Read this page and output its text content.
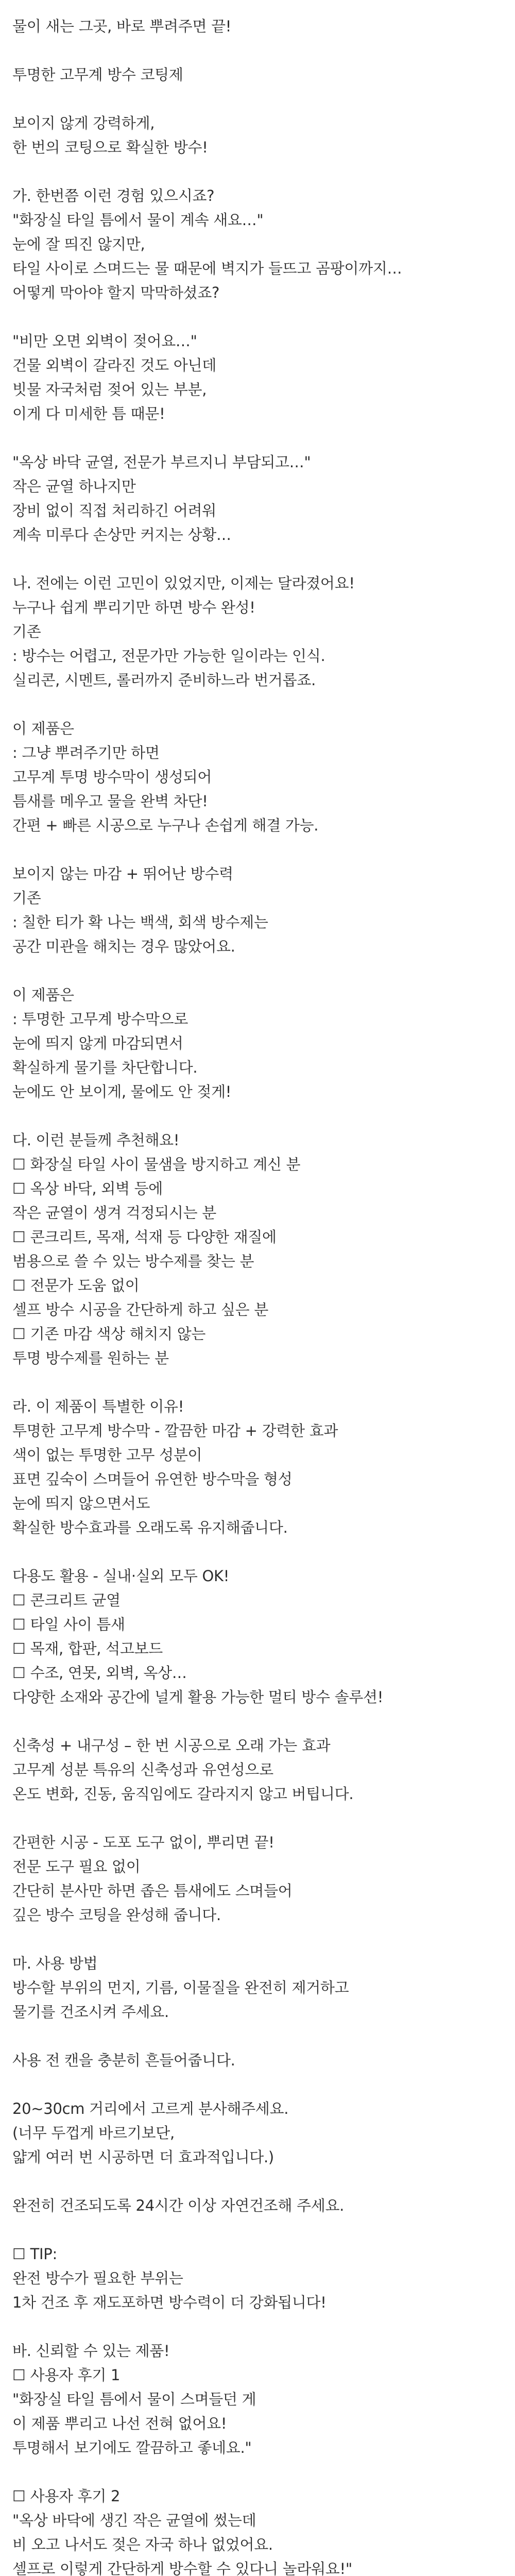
물이 새는 그곳, 바로 뿌려주면 끝!
투명한 고무계 방수 코팅제
보이지 않게 강력하게,
한 번의 코팅으로 확실한 방수!
가. 한번쯤 이런 경험 있으시죠?
"화장실 타일 틈에서 물이 계속 새요…"
눈에 잘 띄진 않지만,
타일 사이로 스며드는 물 때문에 벽지가 들뜨고 곰팡이까지…
어떻게 막아야 할지 막막하셨죠?
"비만 오면 외벽이 젖어요…"
건물 외벽이 갈라진 것도 아닌데
빗물 자국처럼 젖어 있는 부분,
이게 다 미세한 틈 때문!
"옥상 바닥 균열, 전문가 부르지니 부담되고…"
작은 균열 하나지만
장비 없이 직접 처리하긴 어려워
계속 미루다 손상만 커지는 상황…
나. 전에는 이런 고민이 있었지만, 이제는 달라졌어요!
누구나 쉽게 뿌리기만 하면 방수 완성!
기존
: 방수는 어렵고, 전문가만 가능한 일이라는 인식.
실리콘, 시멘트, 롤러까지 준비하느라 번거롭죠.
이 제품은
: 그냥 뿌려주기만 하면
고무계 투명 방수막이 생성되어
틈새를 메우고 물을 완벽 차단!
간편 + 빠른 시공으로 누구나 손쉽게 해결 가능.
보이지 않는 마감 + 뛰어난 방수력
기존
: 칠한 티가 확 나는 백색, 회색 방수제는
공간 미관을 해치는 경우 많았어요.
이 제품은
: 투명한 고무계 방수막으로
눈에 띄지 않게 마감되면서
확실하게 물기를 차단합니다.
눈에도 안 보이게, 물에도 안 젖게!
다. 이런 분들께 추천해요!
☐ 화장실 타일 사이 물샘을 방지하고 계신 분
☐ 옥상 바닥, 외벽 등에
작은 균열이 생겨 걱정되시는 분
☐ 콘크리트, 목재, 석재 등 다양한 재질에
범용으로 쓸 수 있는 방수제를 찾는 분
☐ 전문가 도움 없이
셀프 방수 시공을 간단하게 하고 싶은 분
☐ 기존 마감 색상 해치지 않는
투명 방수제를 원하는 분
라. 이 제품이 특별한 이유!
투명한 고무계 방수막 - 깔끔한 마감 + 강력한 효과
색이 없는 투명한 고무 성분이
표면 깊숙이 스며들어 유연한 방수막을 형성
눈에 띄지 않으면서도
확실한 방수효과를 오래도록 유지해줍니다.
다용도 활용 - 실내·실외 모두 OK!
☐ 콘크리트 균열
☐ 타일 사이 틈새
☐ 목재, 합판, 석고보드
☐ 수조, 연못, 외벽, 옥상…
다양한 소재와 공간에 널게 활용 가능한 멀티 방수 솔루션!
신축성 + 내구성 – 한 번 시공으로 오래 가는 효과
고무계 성분 특유의 신축성과 유연성으로
온도 변화, 진동, 움직임에도 갈라지지 않고 버팁니다.
간편한 시공 - 도포 도구 없이, 뿌리면 끝!
전문 도구 필요 없이
간단히 분사만 하면 좁은 틈새에도 스며들어
깊은 방수 코팅을 완성해 줍니다.
마. 사용 방법
방수할 부위의 먼지, 기름, 이물질을 완전히 제거하고
물기를 건조시켜 주세요.
사용 전 캔을 충분히 흔들어줍니다.
20~30cm 거리에서 고르게 분사해주세요.
(너무 두껍게 바르기보단,
얇게 여러 번 시공하면 더 효과적입니다.)
완전히 건조되도록 24시간 이상 자연건조해 주세요.
☐ TIP:
완전 방수가 필요한 부위는
1차 건조 후 재도포하면 방수력이 더 강화됩니다!
바. 신뢰할 수 있는 제품!
☐ 사용자 후기 1
"화장실 타일 틈에서 물이 스며들던 게
이 제품 뿌리고 나선 전혀 없어요!
투명해서 보기에도 깔끔하고 좋네요."
☐ 사용자 후기 2
"옥상 바닥에 생긴 작은 균열에 썼는데
비 오고 나서도 젖은 자국 하나 없었어요.
셀프로 이렇게 간단하게 방수할 수 있다니 놀라워요!"
